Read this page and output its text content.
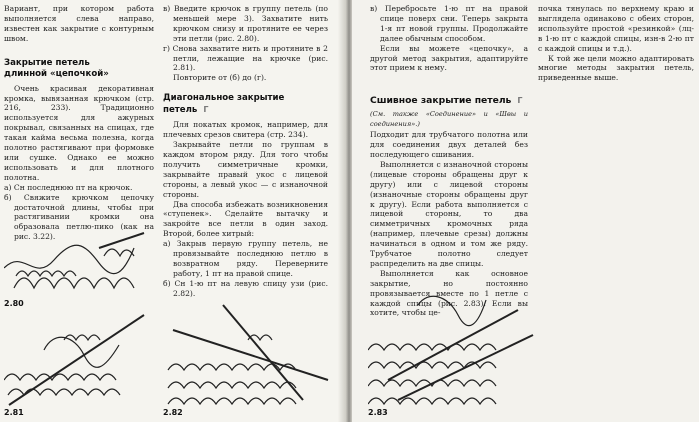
Вариант, при котором работа выполняется слева направо, известен как закрытие с контурным швом.

Закрытие петель
длинной «цепочкой»

Очень красивая декоративная кромка, вывязанная крючком (стр. 216, 233). Традиционно используется для ажурных покрывал, связанных на спицах, где такая кайма весьма полезна, когда полотно растягивают при формовке или сушке. Однако ее можно использовать и для плотного полотна.

а) Сн последнюю пт на крючок.

б) Свяжите крючком цепочку достаточной длины, чтобы при растягивании кромки она образовала петлю-пико (как на рис. 3.22).

в) Введите крючок в группу петель (по меньшей мере 3). Захватите нить крючком снизу и протяните ее через эти петли (рис. 2.80).

г) Снова захватите нить и протяните в 2 петли, лежащие на крючке (рис. 2.81).

Повторите от (б) до (г).

Диагональное закрытие петель Г

Для покатых кромок, например, для плечевых срезов свитера (стр. 234).

Закрывайте петли по группам в каждом втором ряду. Для того чтобы получить симметричные кромки, закрывайте правый укос с лицевой стороны, а левый укос — с изнаночной стороны.

Два способа избежать возникновения «ступенек». Сделайте вытачку и закройте все петли в один заход. Второй, более хитрый:

а) Закрыв первую группу петель, не провязывайте последнюю петлю в возвратном ряду. Переверните работу, 1 пт на правой спице.

б) Сн 1-ю пт на левую спицу узи (рис. 2.82).

2.80
2.81	2.82

в) Перебросьте 1-ю пт на правой спице поверх сни. Теперь закрыта 1-я пт новой группы. Продолжайте далее обычным способом.

Если вы можете «цепочку», а другой метод закрытия, адаптируйте этот прием к нему.

Сшивное закрытие петель Г

(См. также «Соединение» и «Швы и соединения».)

Подходит для трубчатого полотна или для соединения двух деталей без последующего сшивания.

Выполняется с изнаночной стороны (лицевые стороны обращены друг к другу) или с лицевой стороны (изнаночные стороны обращены друг к другу). Если работа выполняется с лицевой стороны, то два симметричных кромочных ряда (например, плечевые срезы) должны начинаться в одном и том же ряду. Трубчатое полотно следует распределить на две спицы.

Выполняется как основное закрытие, но постоянно провязывается вместе по 1 петле с каждой спицы (рис. 2.83). Если вы хотите, чтобы це-

почка тянулась по верхнему краю и выглядела одинаково с обеих сторон, используйте простой «резинкой» (лц-в 1-ю пт с каждой спицы, изн-в 2-ю пт с каждой спицы и т.д.).

К той же цели можно адаптировать многие методы закрытия петель, приведенные выше.

2.83
